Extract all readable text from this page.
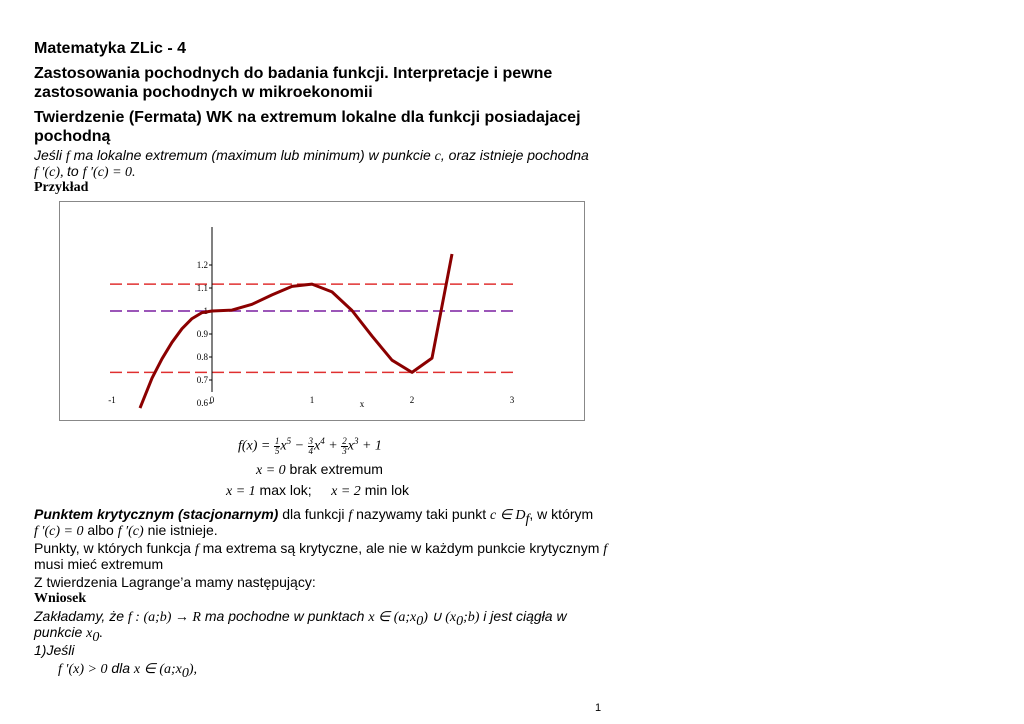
Matematyka ZLic - 4
Zastosowania pochodnych do badania funkcji. Interpretacje i pewne
zastosowania pochodnych w mikroekonomii
Twierdzenie (Fermata) WK na extremum lokalne dla funkcji posiadajacej
pochodną
Jeśli f ma lokalne extremum (maximum lub minimum) w punkcie c, oraz istnieje pochodna
f ′(c), to f ′(c) = 0.
Przykład
0.6
0.7
0.8
0.9
1
1.1
1.2
-1	0	1	2	3
x
$f(x) = \frac{1}{5} x^5 - \frac{3}{4} x^4 + \frac{2}{3} x^3 + 1$
x = 0 brak extremum
x = 1 max lok; x = 2 min lok
Punktem krytycznym (stacjonarnym) dla funkcji f nazywamy taki punkt c ∈ $D_f$, w którym
f ′(c) = 0 albo f ′(c) nie istnieje.
Punkty, w których funkcja f ma extrema są krytyczne, ale nie w każdym punkcie krytycznym f
musi mieć extremum
Z twierdzenia Lagrange’a mamy następujący:
Wniosek
Zakładamy, że f : (a;b) → R ma pochodne w punktach x ∈ $(a;x_0)$ ∪ $(x_0;b)$ i jest ciągła w
punkcie $x_0$.
1)Jeśli
f ′(x) > 0 dla x ∈ $(a;x_0)$,
1
